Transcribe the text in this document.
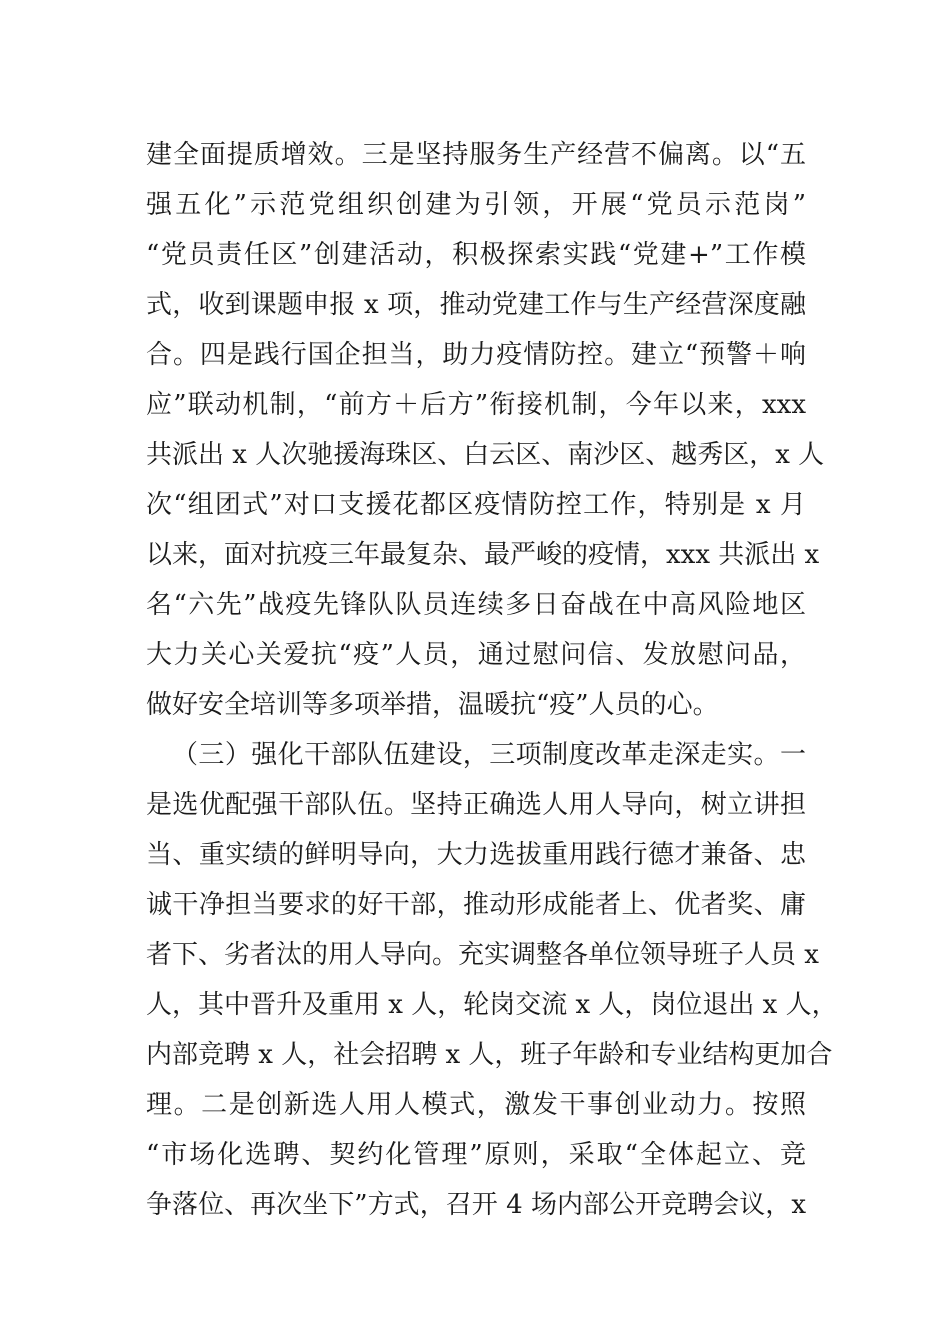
建全面提质增效。三是坚持服务生产经营不偏离。以“五
强五化”示范党组织创建为引领，开展“党员示范岗”
“党员责任区”创建活动，积极探索实践“党建+”工作模
式，收到课题申报 x 项，推动党建工作与生产经营深度融
合。四是践行国企担当，助力疫情防控。建立“预警＋响
应”联动机制，“前方＋后方”衔接机制，今年以来，xxx
共派出 x 人次驰援海珠区、白云区、南沙区、越秀区，x 人
次“组团式”对口支援花都区疫情防控工作，特别是 x 月
以来，面对抗疫三年最复杂、最严峻的疫情，xxx 共派出 x
名“六先”战疫先锋队队员连续多日奋战在中高风险地区
大力关心关爱抗“疫”人员，通过慰问信、发放慰问品，
做好安全培训等多项举措，温暖抗“疫”人员的心。
（三）强化干部队伍建设，三项制度改革走深走实。一
是选优配强干部队伍。坚持正确选人用人导向，树立讲担
当、重实绩的鲜明导向，大力选拔重用践行德才兼备、忠
诚干净担当要求的好干部，推动形成能者上、优者奖、庸
者下、劣者汰的用人导向。充实调整各单位领导班子人员 x
人，其中晋升及重用 x 人，轮岗交流 x 人，岗位退出 x 人，
内部竞聘 x 人，社会招聘 x 人，班子年龄和专业结构更加合
理。二是创新选人用人模式，激发干事创业动力。按照
“市场化选聘、契约化管理”原则，采取“全体起立、竞
争落位、再次坐下”方式，召开 4 场内部公开竞聘会议，x
